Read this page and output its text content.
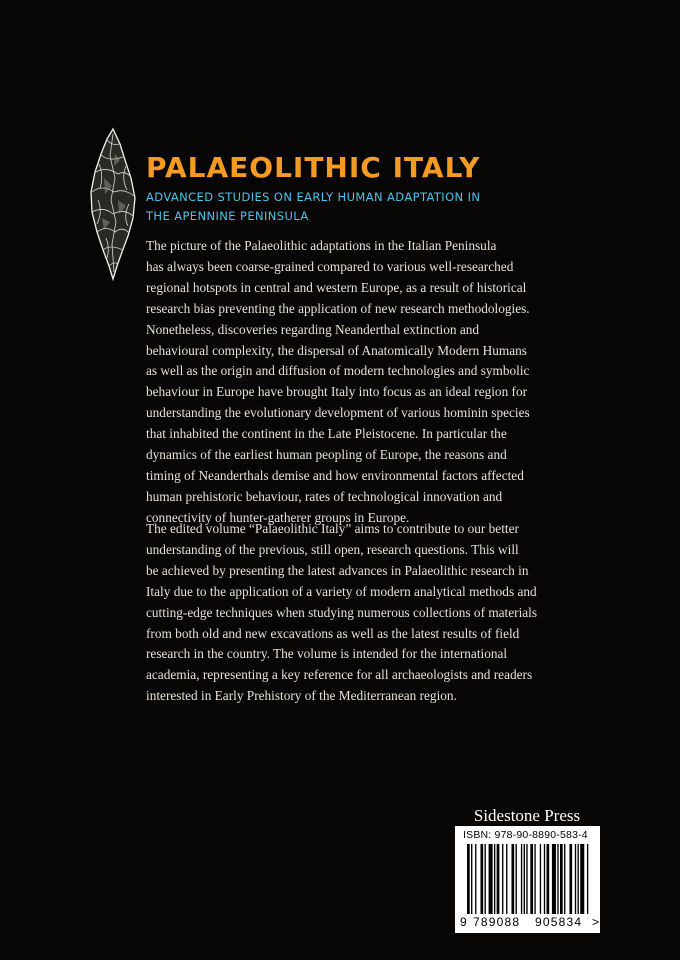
PALAEOLITHIC ITALY
ADVANCED STUDIES ON EARLY HUMAN ADAPTATION IN
THE APENNINE PENINSULA
The picture of the Palaeolithic adaptations in the Italian Peninsula
has always been coarse-grained compared to various well-researched
regional hotspots in central and western Europe, as a result of historical
research bias preventing the application of new research methodologies.
Nonetheless, discoveries regarding Neanderthal extinction and
behavioural complexity, the dispersal of Anatomically Modern Humans
as well as the origin and diffusion of modern technologies and symbolic
behaviour in Europe have brought Italy into focus as an ideal region for
understanding the evolutionary development of various hominin species
that inhabited the continent in the Late Pleistocene. In particular the
dynamics of the earliest human peopling of Europe, the reasons and
timing of Neanderthals demise and how environmental factors affected
human prehistoric behaviour, rates of technological innovation and
connectivity of hunter-gatherer groups in Europe.
The edited volume “Palaeolithic Italy” aims to contribute to our better
understanding of the previous, still open, research questions. This will
be achieved by presenting the latest advances in Palaeolithic research in
Italy due to the application of a variety of modern analytical methods and
cutting-edge techniques when studying numerous collections of materials
from both old and new excavations as well as the latest results of field
research in the country. The volume is intended for the international
academia, representing a key reference for all archaeologists and readers
interested in Early Prehistory of the Mediterranean region.
Sidestone Press
ISBN: 978-90-8890-583-4
9 789088 905834 >
